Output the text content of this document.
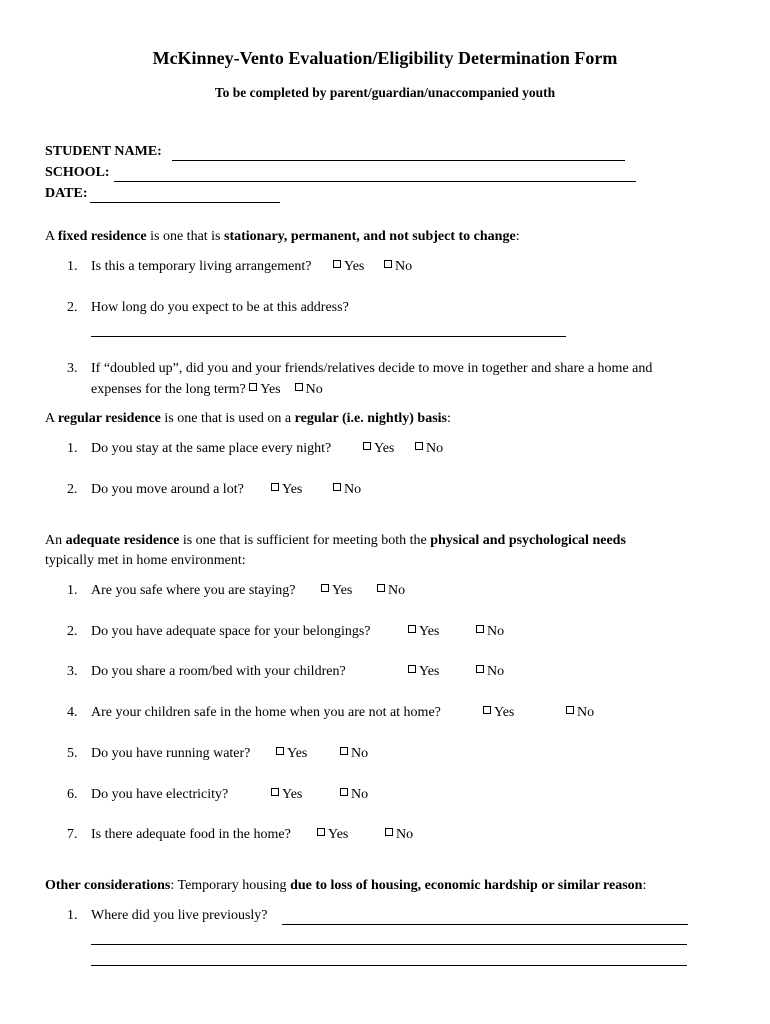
McKinney-Vento Evaluation/Eligibility Determination Form
To be completed by parent/guardian/unaccompanied youth
STUDENT NAME:
SCHOOL:
DATE:
A fixed residence is one that is stationary, permanent, and not subject to change:
1. Is this a temporary living arrangement?	Yes	No
2. How long do you expect to be at this address?
3. If “doubled up”, did you and your friends/relatives decide to move in together and share a home and
expenses for the long term? Yes No
A regular residence is one that is used on a regular (i.e. nightly) basis:
1. Do you stay at the same place every night?	Yes	No
2. Do you move around a lot?	Yes	No
An adequate residence is one that is sufficient for meeting both the physical and psychological needs
typically met in home environment:
1. Are you safe where you are staying?	Yes	No
2. Do you have adequate space for your belongings?	Yes	No
3. Do you share a room/bed with your children?	Yes	No
4. Are your children safe in the home when you are not at home?	Yes	No
5. Do you have running water?	Yes	No
6. Do you have electricity?	Yes	No
7. Is there adequate food in the home?	Yes	No
Other considerations: Temporary housing due to loss of housing, economic hardship or similar reason:
1. Where did you live previously?
